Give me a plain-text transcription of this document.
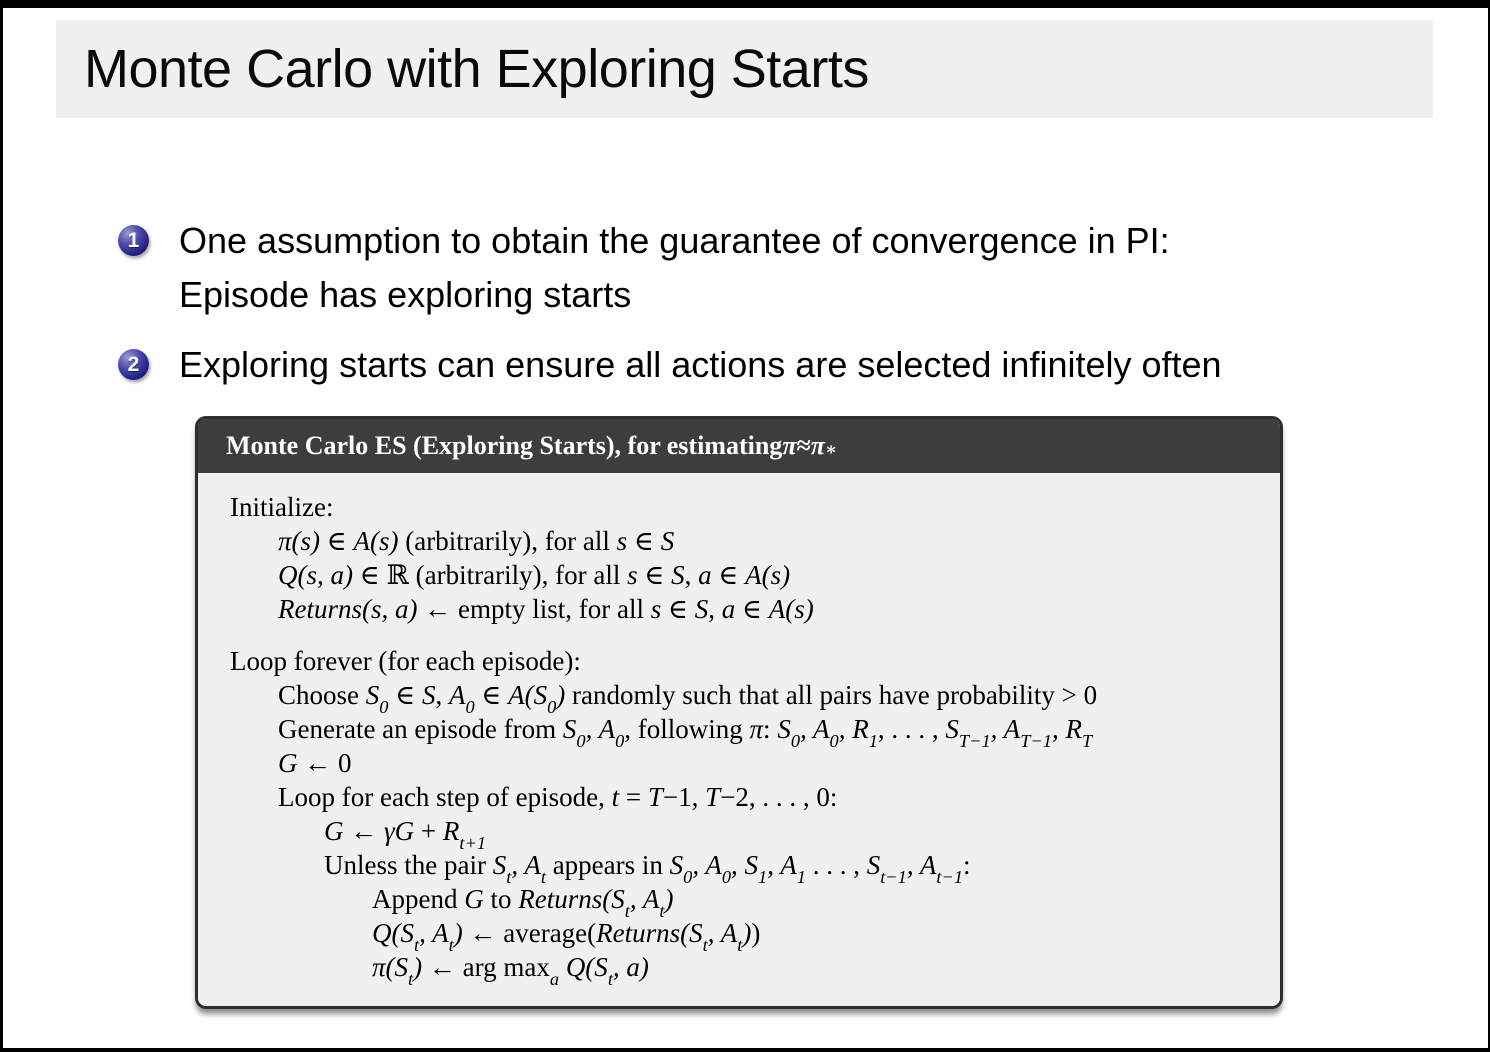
Monte Carlo with Exploring Starts
1 One assumption to obtain the guarantee of convergence in PI:
Episode has exploring starts
2 Exploring starts can ensure all actions are selected infinitely often
Monte Carlo ES (Exploring Starts), for estimating $\pi \approx \pi_∗$
Initialize:
π(s) ∈ A(s) (arbitrarily), for all s ∈ S
Q(s, a) ∈ ℝ (arbitrarily), for all s ∈ S, a ∈ A(s)
Returns(s, a) ← empty list, for all s ∈ S, a ∈ A(s)
Loop forever (for each episode):
Choose $S_0$ ∈ S, $A_0$ ∈ $A(S_0)$ randomly such that all pairs have probability > 0
Generate an episode from $S_0$, $A_0$, following π: $S_0$, $A_0$, $R_1$, . . . , $S_{T-1}$, $A_{T-1}$, $R_T$
G ← 0
Loop for each step of episode, t = T−1, T−2, . . . , 0:
G ← $\gamma G + R_{t+1}$
Unless the pair $S_t$, $A_t$ appears in $S_0$, $A_0$, $S_1$, $A_1$ . . . , $S_{t-1}$, $A_{t-1}$:
Append G to $Returns(S_t$, $A_t$)
$Q(S_t$, $A_t$) ← $average(Returns(S_t$, $A_t$))
$\pi(S_t)$ ← arg $\max_a Q(S_t$, a)
